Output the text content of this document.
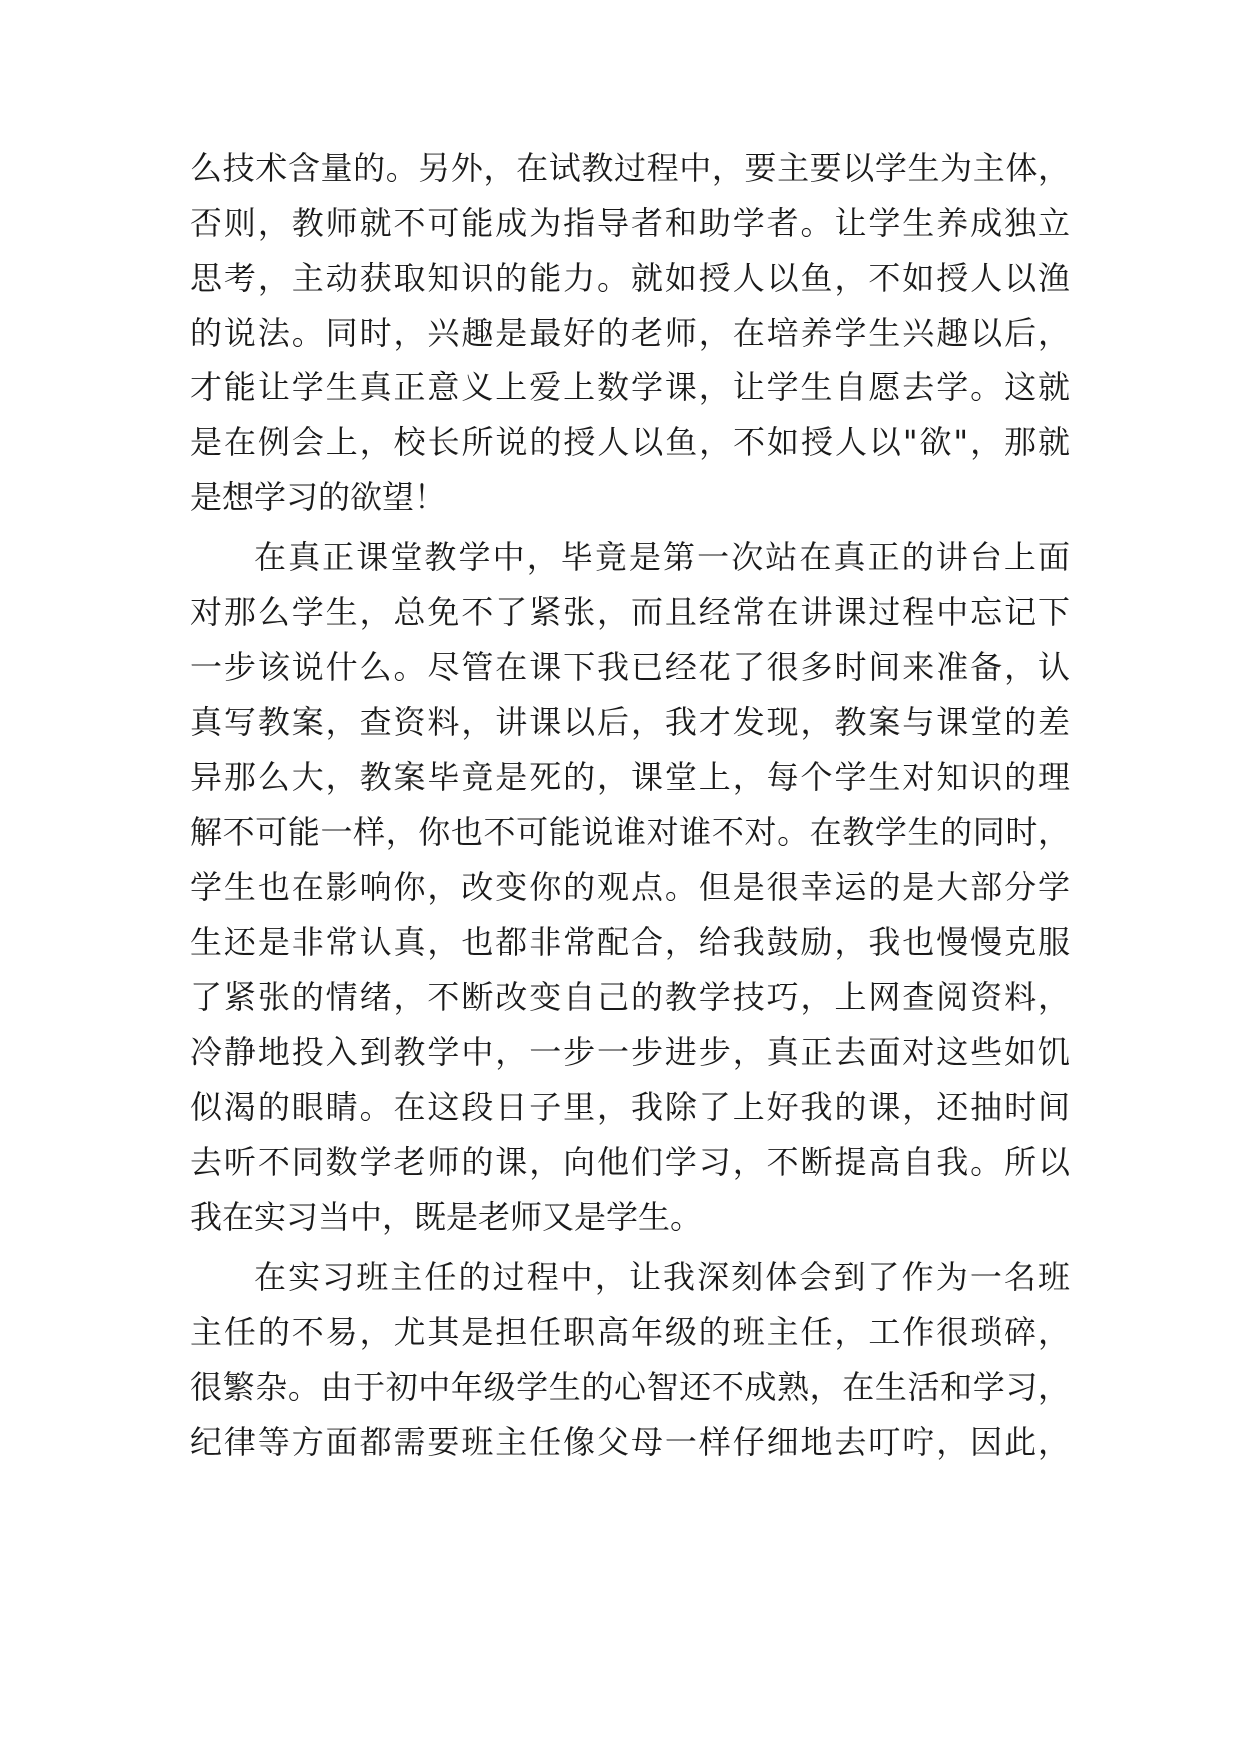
么技术含量的。另外，在试教过程中，要主要以学生为主体，
否则，教师就不可能成为指导者和助学者。让学生养成独立
思考，主动获取知识的能力。就如授人以鱼，不如授人以渔
的说法。同时，兴趣是最好的老师，在培养学生兴趣以后，
才能让学生真正意义上爱上数学课，让学生自愿去学。这就
是在例会上，校长所说的授人以鱼，不如授人以"欲"，那就
是想学习的欲望！
在真正课堂教学中，毕竟是第一次站在真正的讲台上面
对那么学生，总免不了紧张，而且经常在讲课过程中忘记下
一步该说什么。尽管在课下我已经花了很多时间来准备，认
真写教案，查资料，讲课以后，我才发现，教案与课堂的差
异那么大，教案毕竟是死的，课堂上，每个学生对知识的理
解不可能一样，你也不可能说谁对谁不对。在教学生的同时，
学生也在影响你，改变你的观点。但是很幸运的是大部分学
生还是非常认真，也都非常配合，给我鼓励，我也慢慢克服
了紧张的情绪，不断改变自己的教学技巧，上网查阅资料，
冷静地投入到教学中，一步一步进步，真正去面对这些如饥
似渴的眼睛。在这段日子里，我除了上好我的课，还抽时间
去听不同数学老师的课，向他们学习，不断提高自我。所以
我在实习当中，既是老师又是学生。
在实习班主任的过程中，让我深刻体会到了作为一名班
主任的不易，尤其是担任职高年级的班主任，工作很琐碎，
很繁杂。由于初中年级学生的心智还不成熟，在生活和学习，
纪律等方面都需要班主任像父母一样仔细地去叮咛，因此，
